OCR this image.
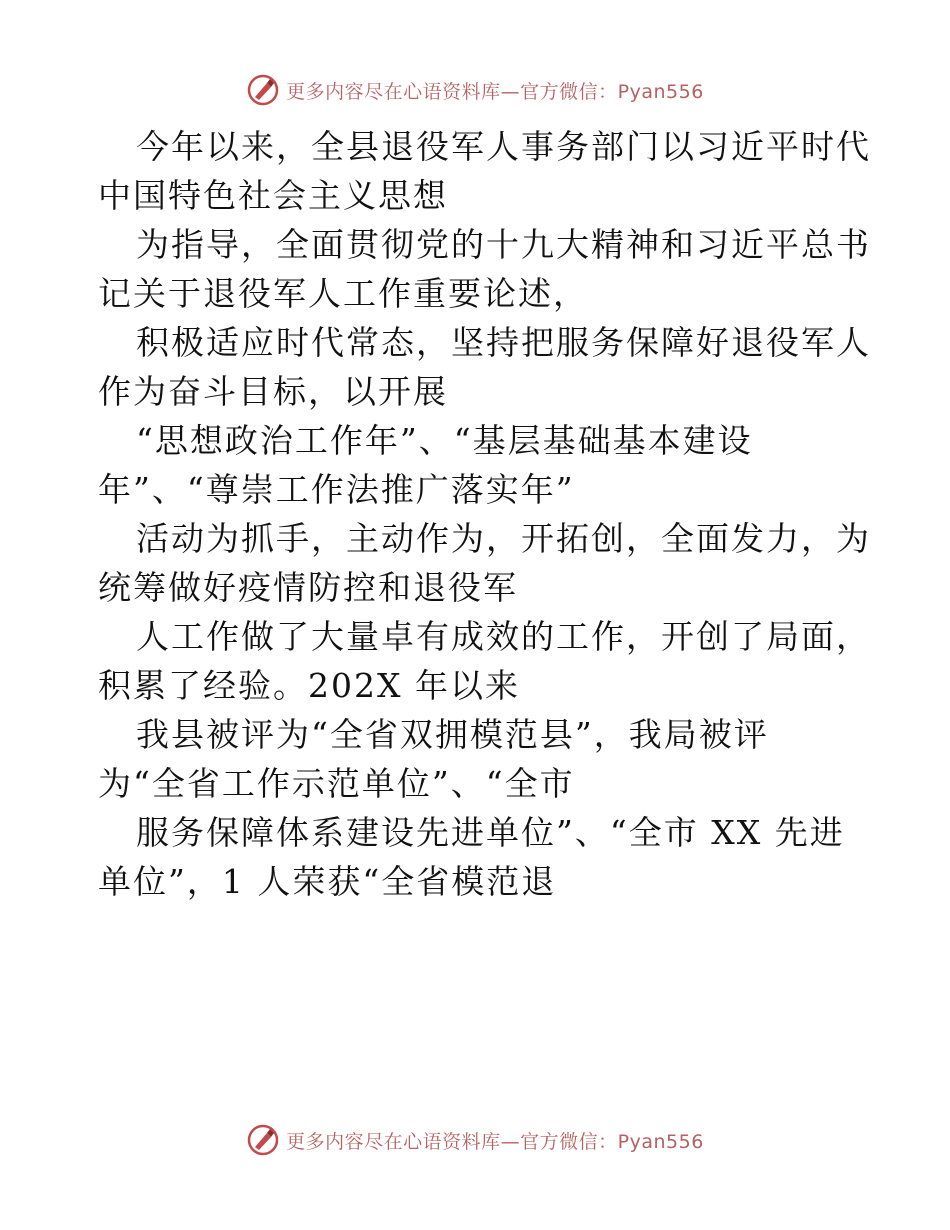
更多内容尽在心语资料库—官方微信：Pyan556
今年以来，全县退役军人事务部门以习近平时代
中国特色社会主义思想
为指导，全面贯彻党的十九大精神和习近平总书
记关于退役军人工作重要论述，
积极适应时代常态，坚持把服务保障好退役军人
作为奋斗目标，以开展
“思想政治工作年”、“基层基础基本建设
年”、“尊崇工作法推广落实年”
活动为抓手，主动作为，开拓创，全面发力，为
统筹做好疫情防控和退役军
人工作做了大量卓有成效的工作，开创了局面，
积累了经验。202X 年以来
我县被评为“全省双拥模范县”，我局被评
为“全省工作示范单位”、“全市
服务保障体系建设先进单位”、“全市 XX 先进
单位”，1 人荣获“全省模范退
更多内容尽在心语资料库—官方微信：Pyan556
